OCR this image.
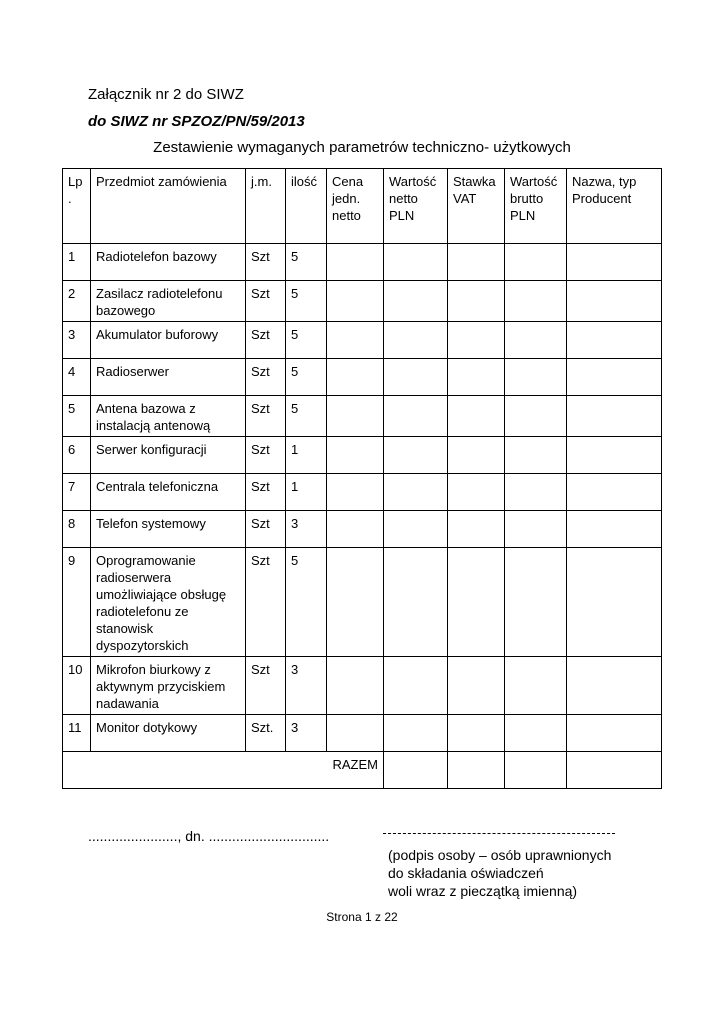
Załącznik nr 2 do SIWZ
do SIWZ nr SPZOZ/PN/59/2013
Zestawienie wymaganych parametrów techniczno- użytkowych
Lp.	Przedmiot zamówienia	j.m.	ilość	Cena jedn. netto	Wartość netto PLN	Stawka VAT	Wartość brutto PLN	Nazwa, typ Producent
1	Radiotelefon bazowy	Szt	5					
2	Zasilacz radiotelefonu bazowego	Szt	5					
3	Akumulator buforowy	Szt	5					
4	Radioserwer	Szt	5					
5	Antena bazowa z instalacją antenową	Szt	5					
6	Serwer konfiguracji	Szt	1					
7	Centrala telefoniczna	Szt	1					
8	Telefon systemowy	Szt	3					
9	Oprogramowanie radioserwera umożliwiające obsługę radiotelefonu ze stanowisk dyspozytorskich	Szt	5					
10	Mikrofon biurkowy z aktywnym przyciskiem nadawania	Szt	3					
11	Monitor dotykowy	Szt.	3					
RAZEM								
......................., dn. ...............................
(podpis osoby – osób uprawnionych
do składania oświadczeń
woli wraz z pieczątką imienną)
Strona 1 z 22
